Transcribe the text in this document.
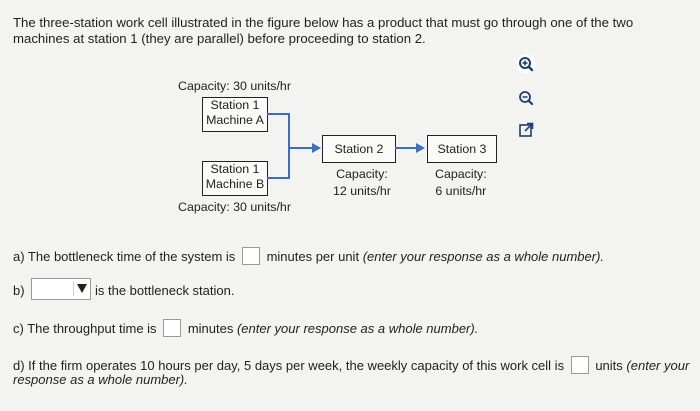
The three-station work cell illustrated in the figure below has a product that must go through one of the two machines at station 1 (they are parallel) before proceeding to station 2.
Capacity: 30 units/hr
Station 1
Machine A
Station 1
Machine B
Capacity: 30 units/hr
Station 2
Capacity:
12 units/hr
Station 3
Capacity:
6 units/hr
a) The bottleneck time of the system is minutes per unit (enter your response as a whole number).
b)	is the bottleneck station.
c) The throughput time is minutes (enter your response as a whole number).
d) If the firm operates 10 hours per day, 5 days per week, the weekly capacity of this work cell is units (enter your
response as a whole number).
